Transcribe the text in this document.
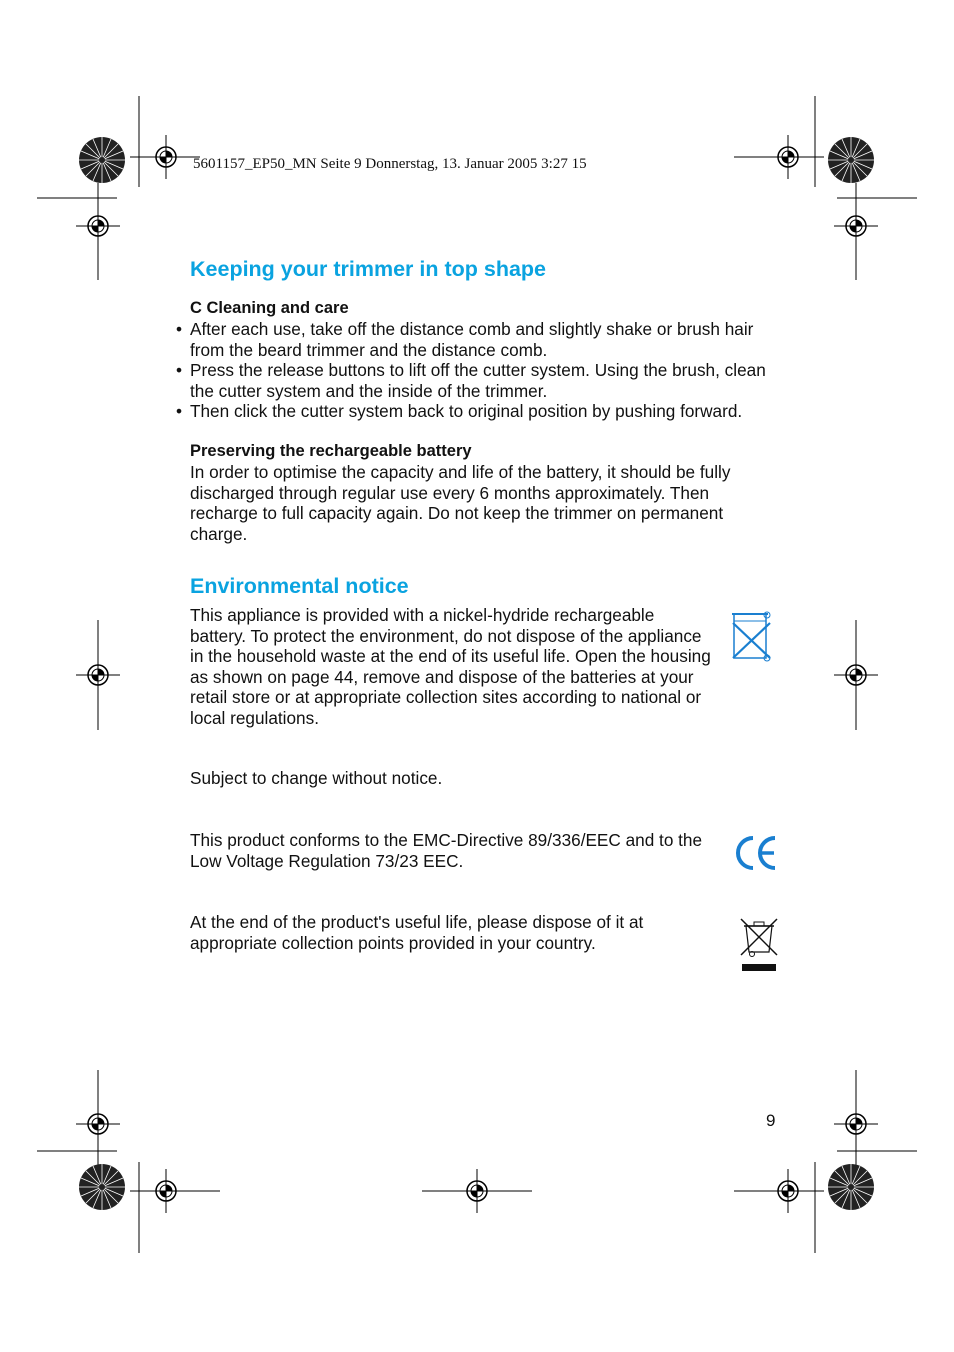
5601157_EP50_MN Seite 9 Donnerstag, 13. Januar 2005 3:27 15
Keeping your trimmer in top shape
C Cleaning and care
• After each use, take off the distance comb and slightly shake or brush hair from the beard trimmer and the distance comb.
• Press the release buttons to lift off the cutter system. Using the brush, clean the cutter system and the inside of the trimmer.
• Then click the cutter system back to original position by pushing forward.
Preserving the rechargeable battery
In order to optimise the capacity and life of the battery, it should be fully discharged through regular use every 6 months approximately. Then recharge to full capacity again. Do not keep the trimmer on permanent charge.
Environmental notice
This appliance is provided with a nickel-hydride rechargeable battery. To protect the environment, do not dispose of the appliance in the household waste at the end of its useful life. Open the housing as shown on page 44, remove and dispose of the batteries at your retail store or at appropriate collection sites according to national or local regulations.
Subject to change without notice.
This product conforms to the EMC-Directive 89/336/EEC and to the Low Voltage Regulation 73/23 EEC.
At the end of the product's useful life, please dispose of it at appropriate collection points provided in your country.
9
